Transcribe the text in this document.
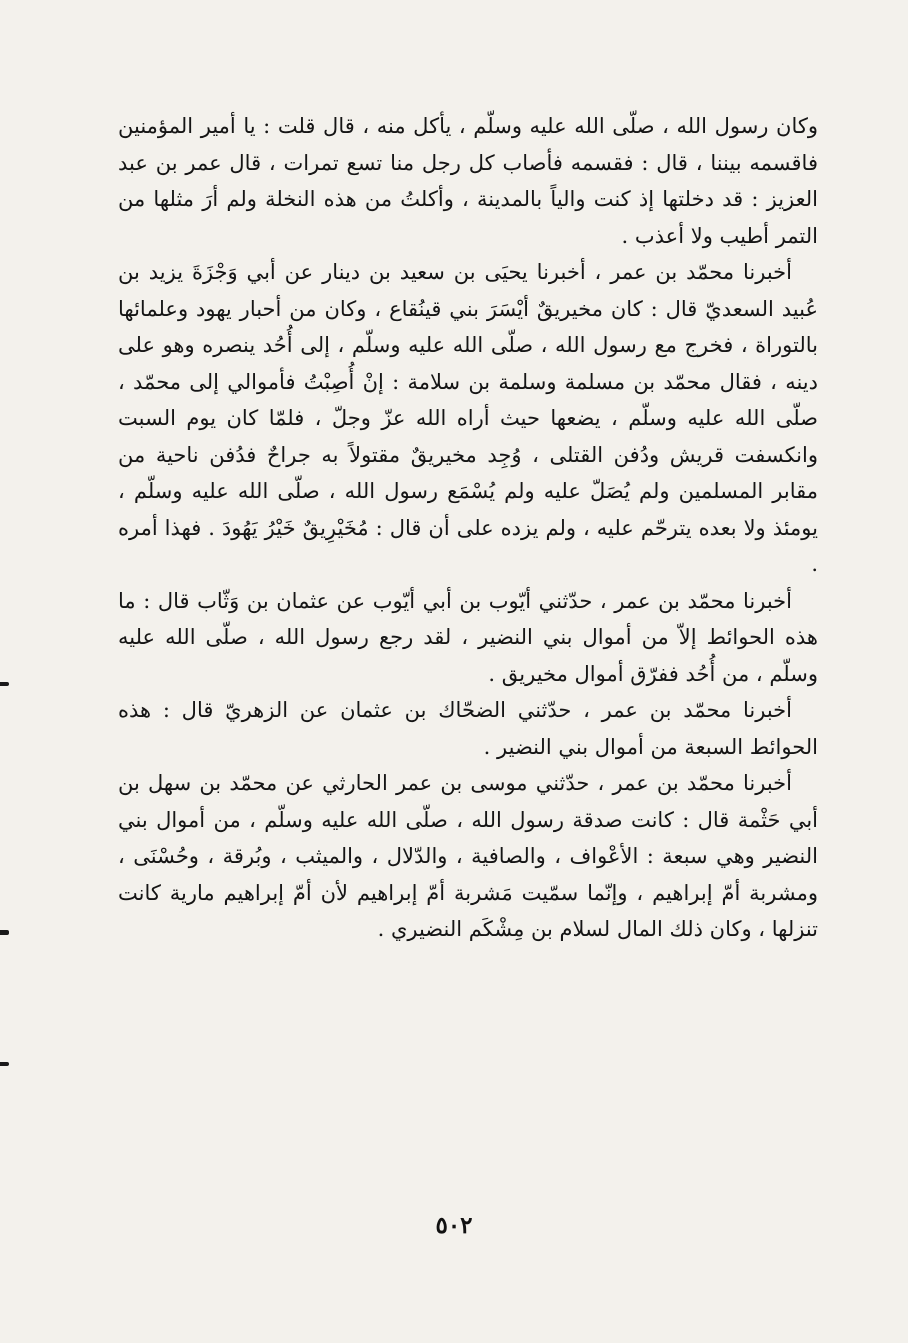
وكان رسول الله ، صلّى الله عليه وسلّم ، يأكل منه ، قال قلت : يا أمير المؤمنين فاقسمه بيننا ، قال : فقسمه فأصاب كل رجل منا تسع تمرات ، قال عمر بن عبد العزيز : قد دخلتها إذ كنت والياً بالمدينة ، وأكلتُ من هذه النخلة ولم أرَ مثلها من التمر أطيب ولا أعذب .

أخبرنا محمّد بن عمر ، أخبرنا يحيَى بن سعيد بن دينار عن أبي وَجْزَةَ يزيد بن عُبيد السعديّ قال : كان مخيريقٌ أيْسَرَ بني قينُقاع ، وكان من أحبار يهود وعلمائها بالتوراة ، فخرج مع رسول الله ، صلّى الله عليه وسلّم ، إلى أُحُد ينصره وهو على دينه ، فقال محمّد بن مسلمة وسلمة بن سلامة : إنْ أُصِبْتُ فأموالي إلى محمّد ، صلّى الله عليه وسلّم ، يضعها حيث أراه الله عزّ وجلّ ، فلمّا كان يوم السبت وانكسفت قريش ودُفن القتلى ، وُجِد مخيريقٌ مقتولاً به جراحٌ فدُفن ناحية من مقابر المسلمين ولم يُصَلّ عليه ولم يُسْمَع رسول الله ، صلّى الله عليه وسلّم ، يومئذ ولا بعده يترحّم عليه ، ولم يزده على أن قال : مُخَيْرِيقٌ خَيْرُ يَهُودَ . فهذا أمره .

أخبرنا محمّد بن عمر ، حدّثني أيّوب بن أبي أيّوب عن عثمان بن وَثّاب قال : ما هذه الحوائط إلاّ من أموال بني النضير ، لقد رجع رسول الله ، صلّى الله عليه وسلّم ، من أُحُد ففرّق أموال مخيريق .

أخبرنا محمّد بن عمر ، حدّثني الضحّاك بن عثمان عن الزهريّ قال : هذه الحوائط السبعة من أموال بني النضير .

أخبرنا محمّد بن عمر ، حدّثني موسى بن عمر الحارثي عن محمّد بن سهل بن أبي حَثْمة قال : كانت صدقة رسول الله ، صلّى الله عليه وسلّم ، من أموال بني النضير وهي سبعة : الأعْواف ، والصافية ، والدّلال ، والميثب ، وبُرقة ، وحُسْنَى ، ومشربة أمّ إبراهيم ، وإنّما سمّيت مَشربة أمّ إبراهيم لأن أمّ إبراهيم مارية كانت تنزلها ، وكان ذلك المال لسلام بن مِشْكَم النضيري .

٥٠٢
